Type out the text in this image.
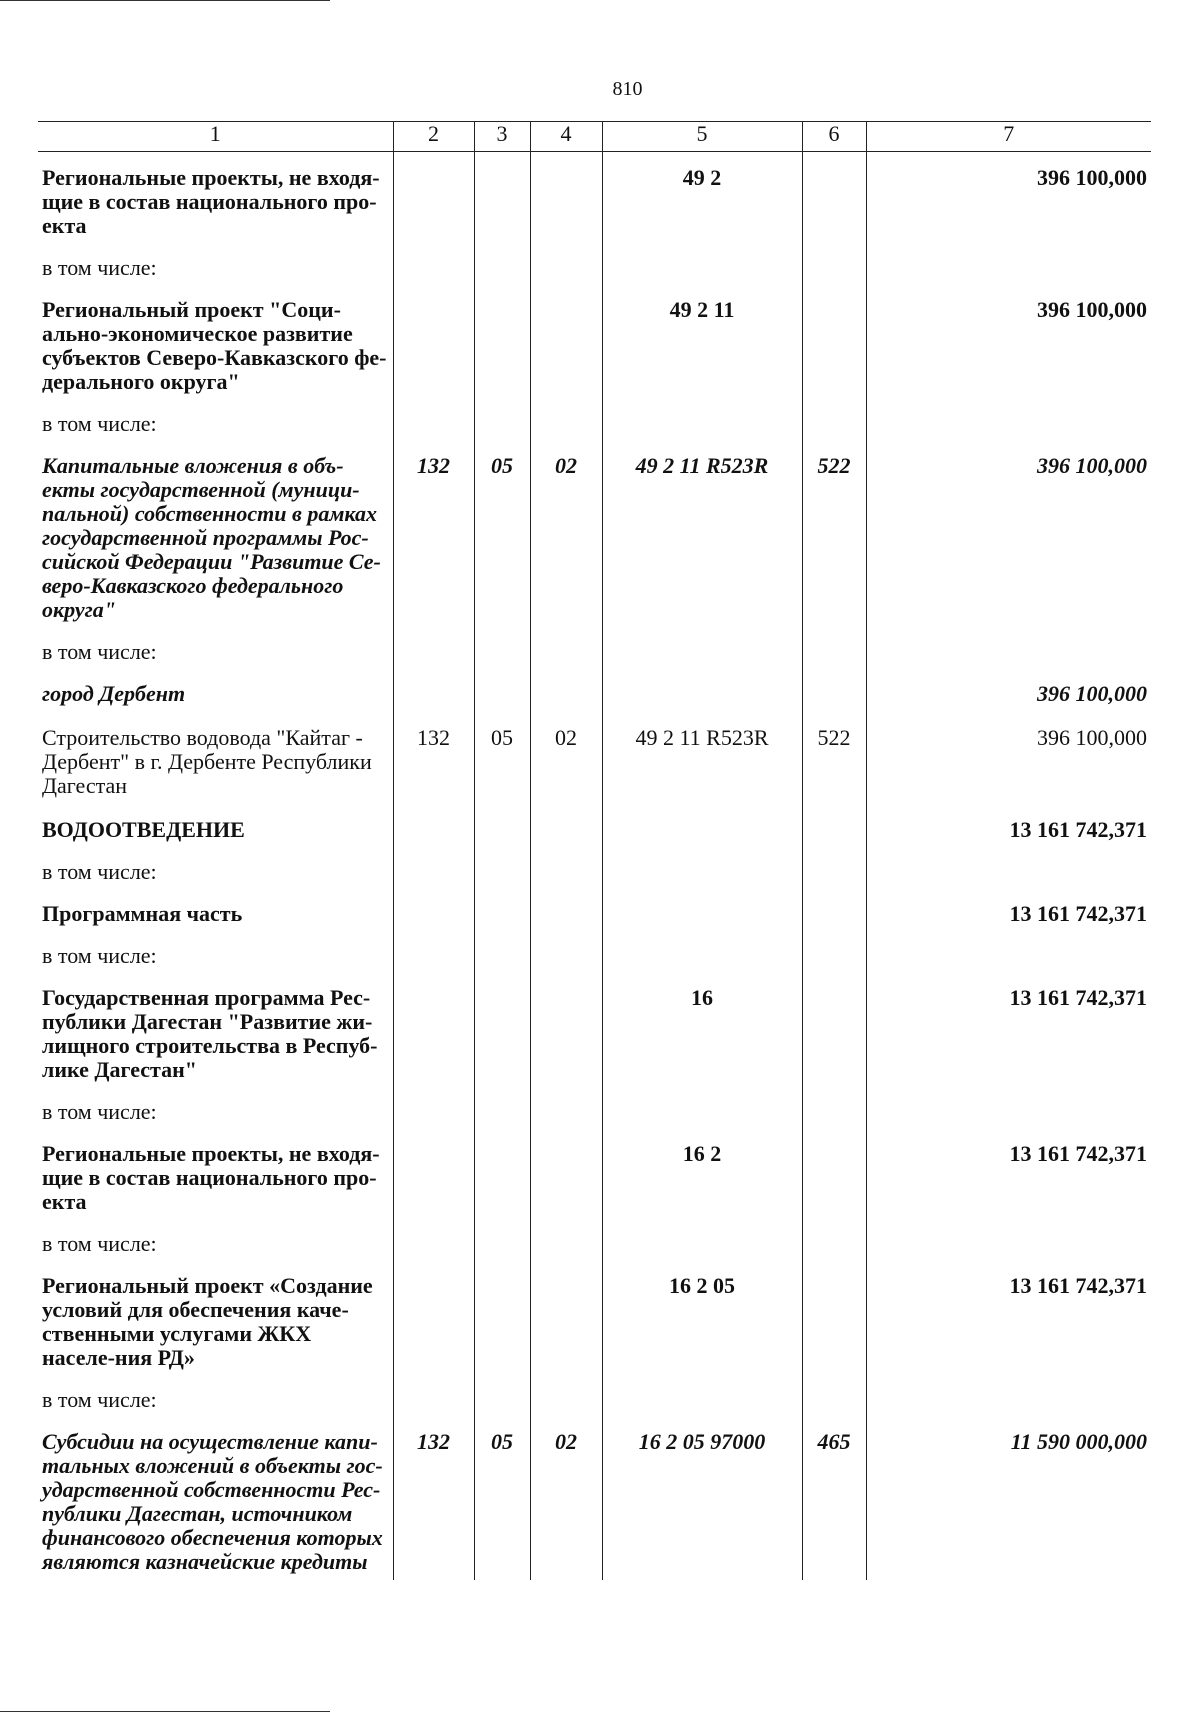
810
1	2	3	4	5	6	7
Региональные проекты, не входя-щие в состав национального про-екта				49 2		396 100,000
в том числе:						
Региональный проект "Соци-ально-экономическое развитие субъектов Северо-Кавказского фе-дерального округа"				49 2 11		396 100,000
в том числе:						
Капитальные вложения в объ-екты государственной (муници-пальной) собственности в рамках государственной программы Рос-сийской Федерации "Развитие Се-веро-Кавказского федерального округа"	132	05	02	49 2 11 R523R	522	396 100,000
в том числе:						
город Дербент						396 100,000
Строительство водовода "Кайтаг - Дербент" в г. Дербенте Республики Дагестан	132	05	02	49 2 11 R523R	522	396 100,000
ВОДООТВЕДЕНИЕ						13 161 742,371
в том числе:						
Программная часть						13 161 742,371
в том числе:						
Государственная программа Рес-публики Дагестан "Развитие жи-лищного строительства в Респуб-лике Дагестан"				16		13 161 742,371
в том числе:						
Региональные проекты, не входя-щие в состав национального про-екта				16 2		13 161 742,371
в том числе:						
Региональный проект «Создание условий для обеспечения каче-ственными услугами ЖКХ населе-ния РД»				16 2 05		13 161 742,371
в том числе:						
Субсидии на осуществление капи-тальных вложений в объекты гос-ударственной собственности Рес-публики Дагестан, источником финансового обеспечения которых являются казначейские кредиты	132	05	02	16 2 05 97000	465	11 590 000,000
